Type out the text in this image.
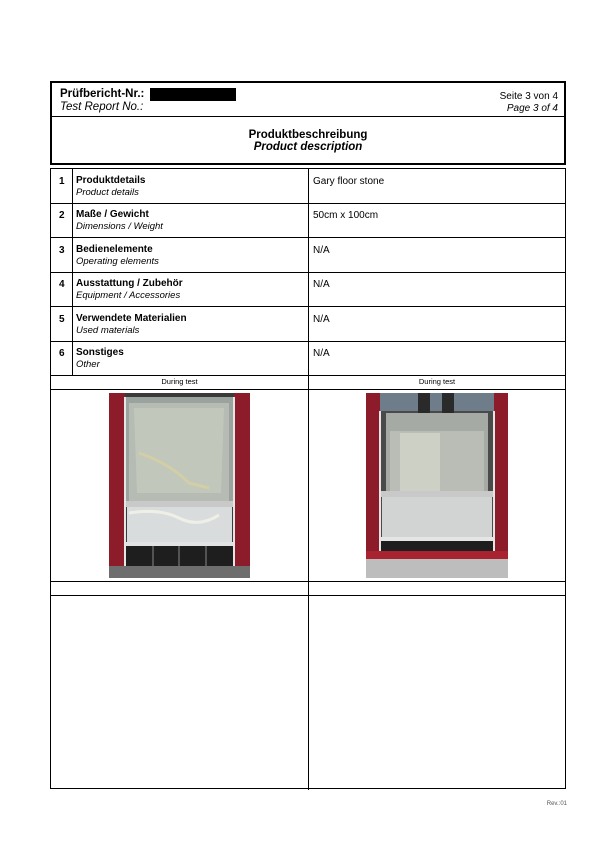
Prüfbericht-Nr.:
Test Report No.:
Seite 3 von 4
Page 3 of 4
Produktbeschreibung
Product description
1 Produktdetails
Product details
Gary floor stone
2 Maße / Gewicht
Dimensions / Weight
50cm x 100cm
3 Bedienelemente
Operating elements
N/A
4 Ausstattung / Zubehör
Equipment / Accessories
N/A
5 Verwendete Materialien
Used materials
N/A
6 Sonstiges
Other
N/A
During test	During test
Rev.:01
